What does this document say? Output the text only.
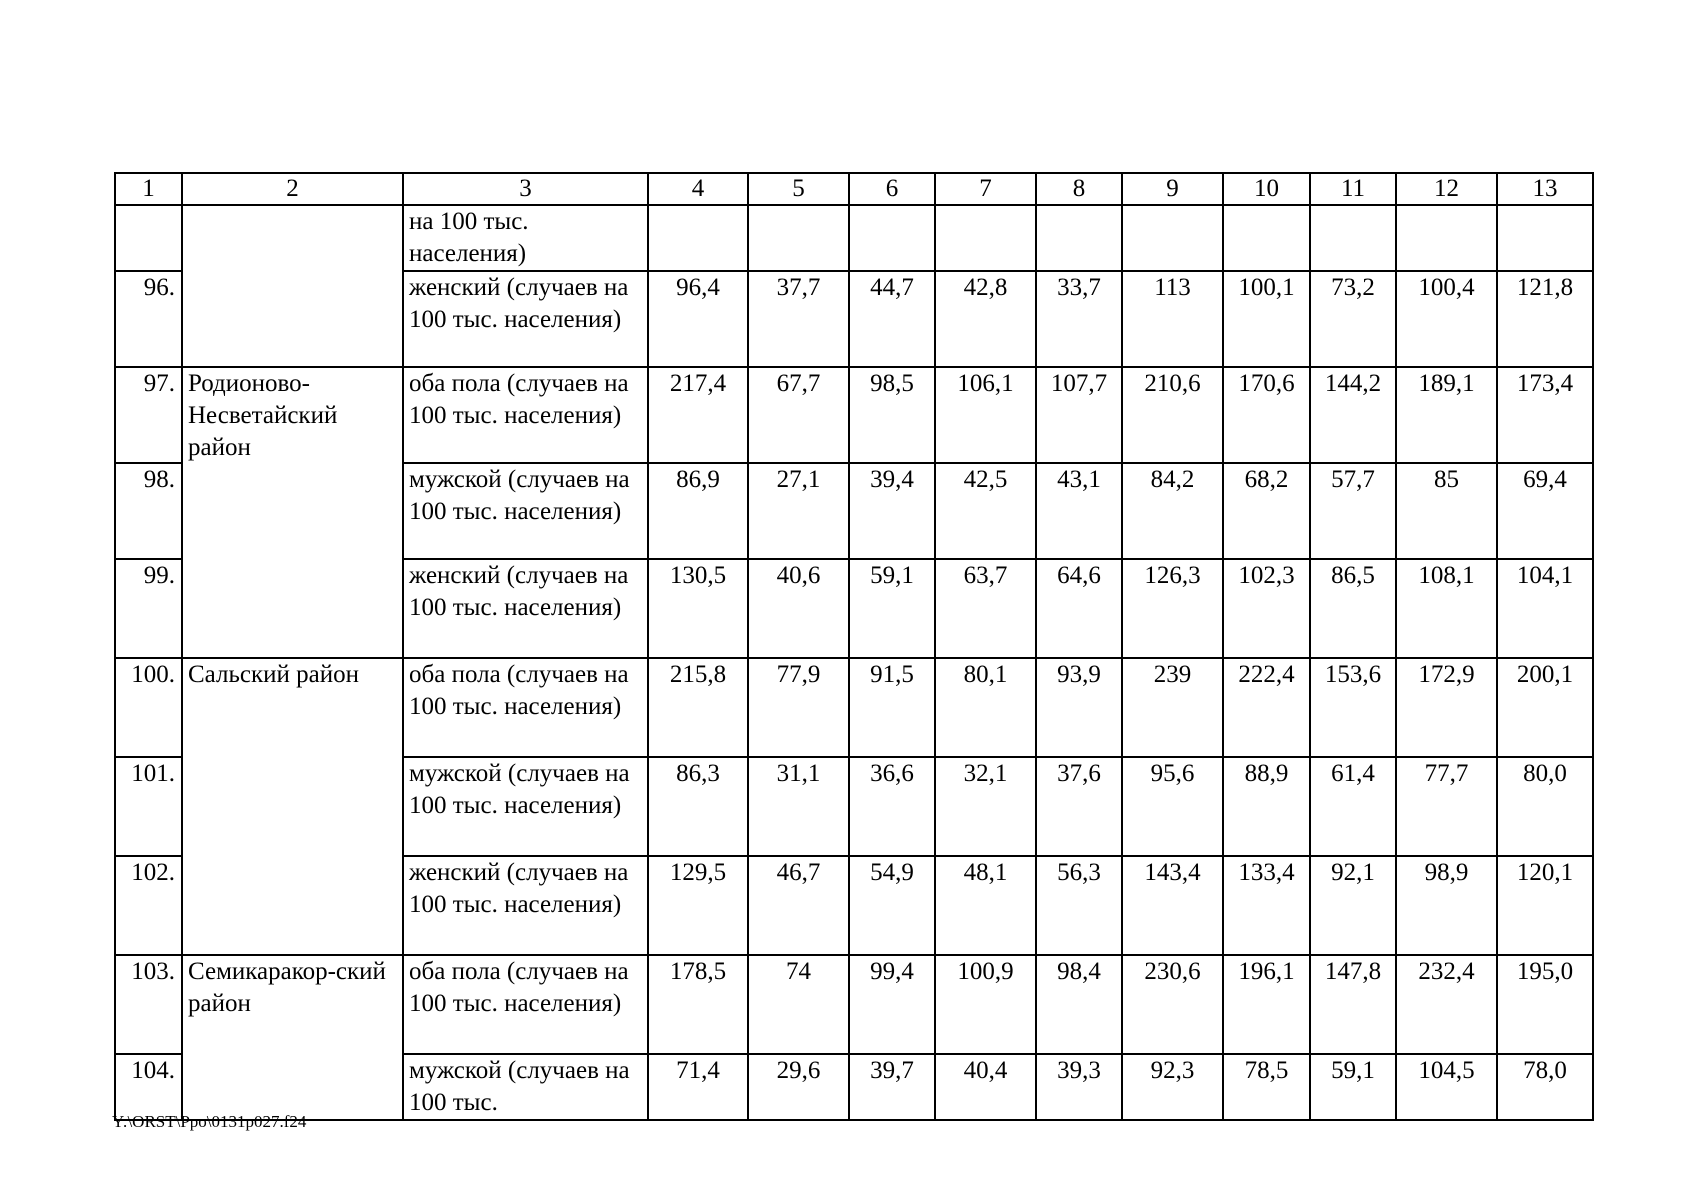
1	2	3	4	5	6	7	8	9	10	11	12	13
		на 100 тыс. населения)										
96.		женский (случаев на 100 тыс. населения)	96,4	37,7	44,7	42,8	33,7	113	100,1	73,2	100,4	121,8
97.	Родионово-Несветайский район	оба пола (случаев на 100 тыс. населения)	217,4	67,7	98,5	106,1	107,7	210,6	170,6	144,2	189,1	173,4
98.		мужской (случаев на 100 тыс. населения)	86,9	27,1	39,4	42,5	43,1	84,2	68,2	57,7	85	69,4
99.		женский (случаев на 100 тыс. населения)	130,5	40,6	59,1	63,7	64,6	126,3	102,3	86,5	108,1	104,1
100.	Сальский район	оба пола (случаев на 100 тыс. населения)	215,8	77,9	91,5	80,1	93,9	239	222,4	153,6	172,9	200,1
101.		мужской (случаев на 100 тыс. населения)	86,3	31,1	36,6	32,1	37,6	95,6	88,9	61,4	77,7	80,0
102.		женский (случаев на 100 тыс. населения)	129,5	46,7	54,9	48,1	56,3	143,4	133,4	92,1	98,9	120,1
103.	Семикаракор-ский район	оба пола (случаев на 100 тыс. населения)	178,5	74	99,4	100,9	98,4	230,6	196,1	147,8	232,4	195,0
104.		мужской (случаев на 100 тыс.	71,4	29,6	39,7	40,4	39,3	92,3	78,5	59,1	104,5	78,0
Y:\ORST\Ppo\0131p027.f24
